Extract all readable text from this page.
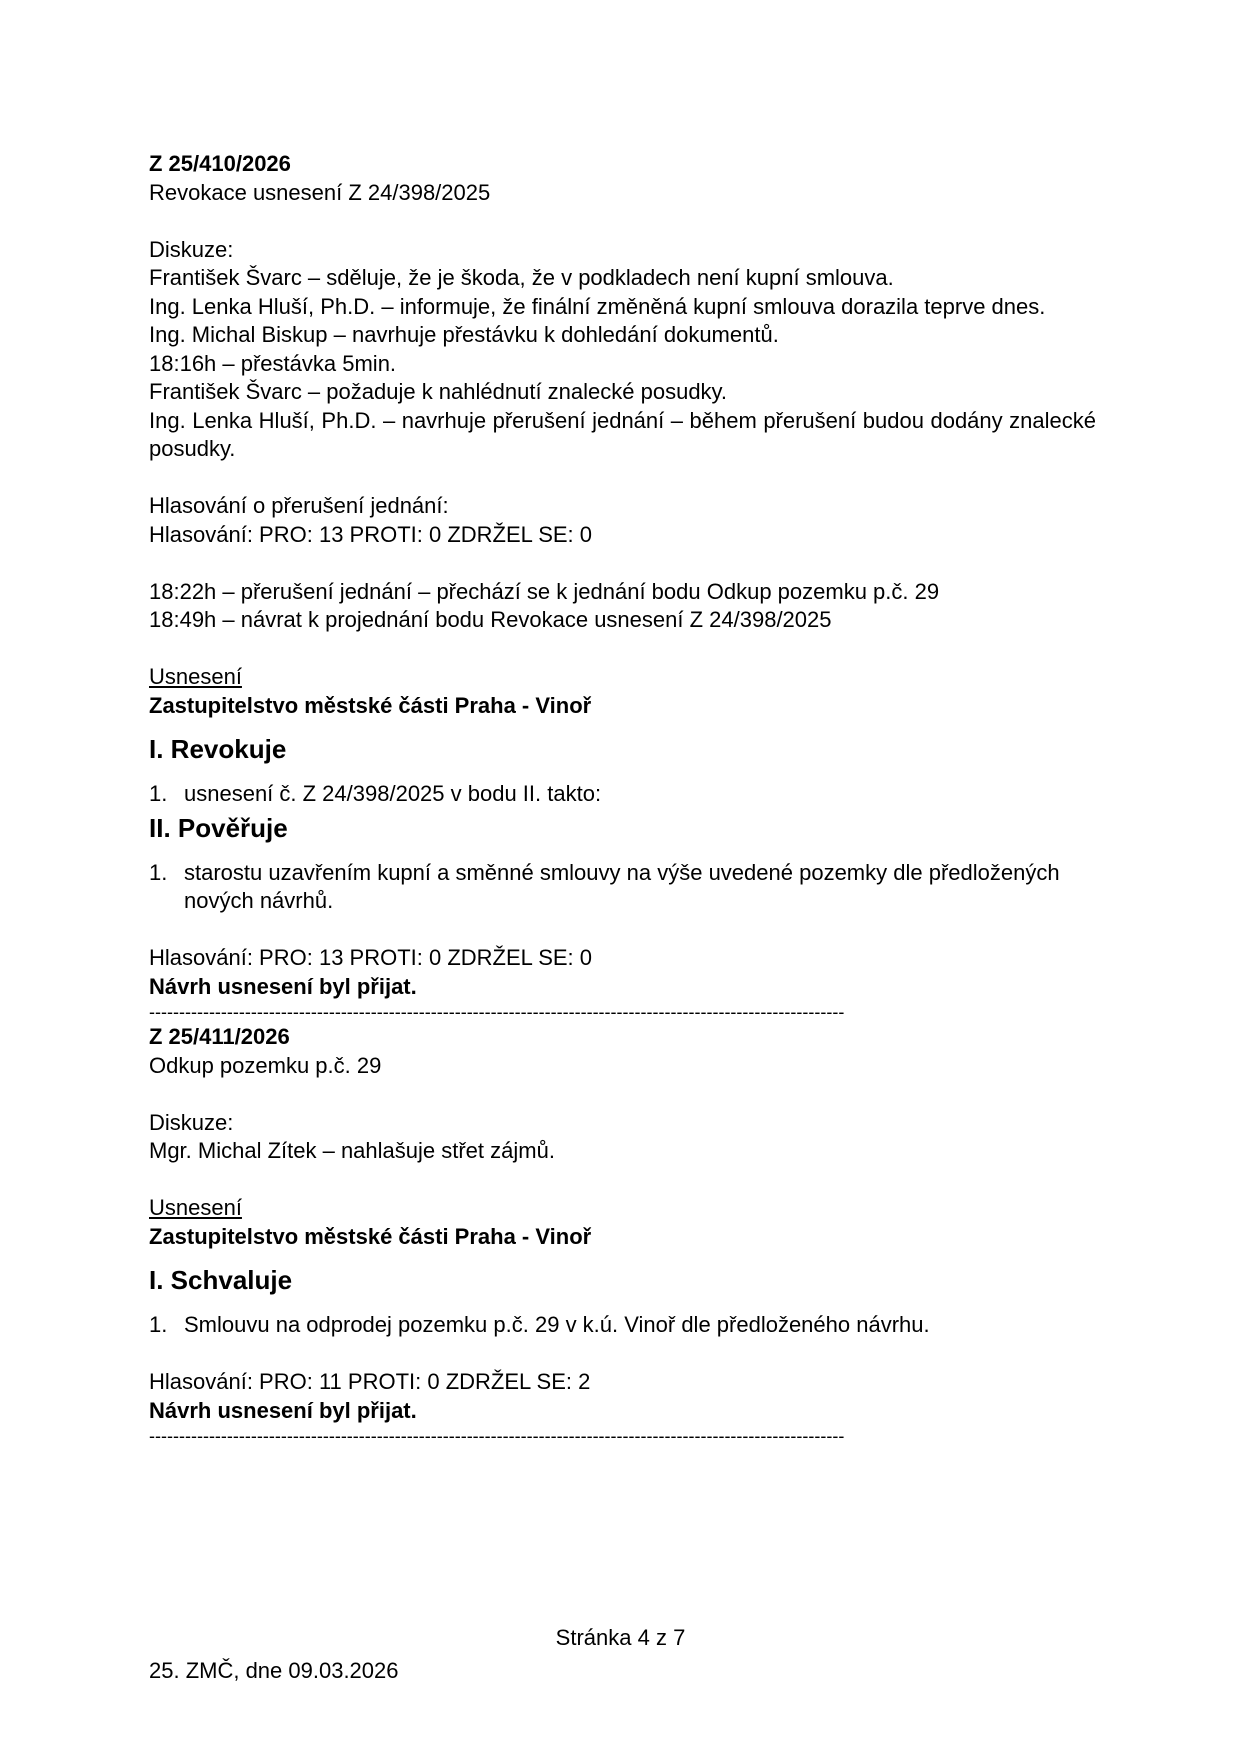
Z 25/410/2026

Revokace usnesení Z 24/398/2025

Diskuze:

František Švarc – sděluje, že je škoda, že v podkladech není kupní smlouva.

Ing. Lenka Hluší, Ph.D. – informuje, že finální změněná kupní smlouva dorazila teprve dnes.

Ing. Michal Biskup – navrhuje přestávku k dohledání dokumentů.

18:16h – přestávka 5min.

František Švarc – požaduje k nahlédnutí znalecké posudky.

Ing. Lenka Hluší, Ph.D. – navrhuje přerušení jednání – během přerušení budou dodány znalecké posudky.

Hlasování o přerušení jednání:

Hlasování: PRO: 13 PROTI: 0 ZDRŽEL SE: 0

18:22h – přerušení jednání – přechází se k jednání bodu Odkup pozemku p.č. 29

18:49h – návrat k projednání bodu Revokace usnesení Z 24/398/2025

Usnesení

Zastupitelstvo městské části Praha - Vinoř

I. Revokuje
1. usnesení č. Z 24/398/2025 v bodu II. takto:
II. Pověřuje
1. starostu uzavřením kupní a směnné smlouvy na výše uvedené pozemky dle předložených nových návrhů.

Hlasování: PRO: 13 PROTI: 0 ZDRŽEL SE: 0

Návrh usnesení byl přijat.

--------------------------------------------------------------------------------------------------------------------

Z 25/411/2026

Odkup pozemku p.č. 29

Diskuze:

Mgr. Michal Zítek – nahlašuje střet zájmů.

Usnesení

Zastupitelstvo městské části Praha - Vinoř

I. Schvaluje
1. Smlouvu na odprodej pozemku p.č. 29 v k.ú. Vinoř dle předloženého návrhu.

Hlasování: PRO: 11 PROTI: 0 ZDRŽEL SE: 2

Návrh usnesení byl přijat.

--------------------------------------------------------------------------------------------------------------------
Stránka 4 z 7
25. ZMČ, dne 09.03.2026
